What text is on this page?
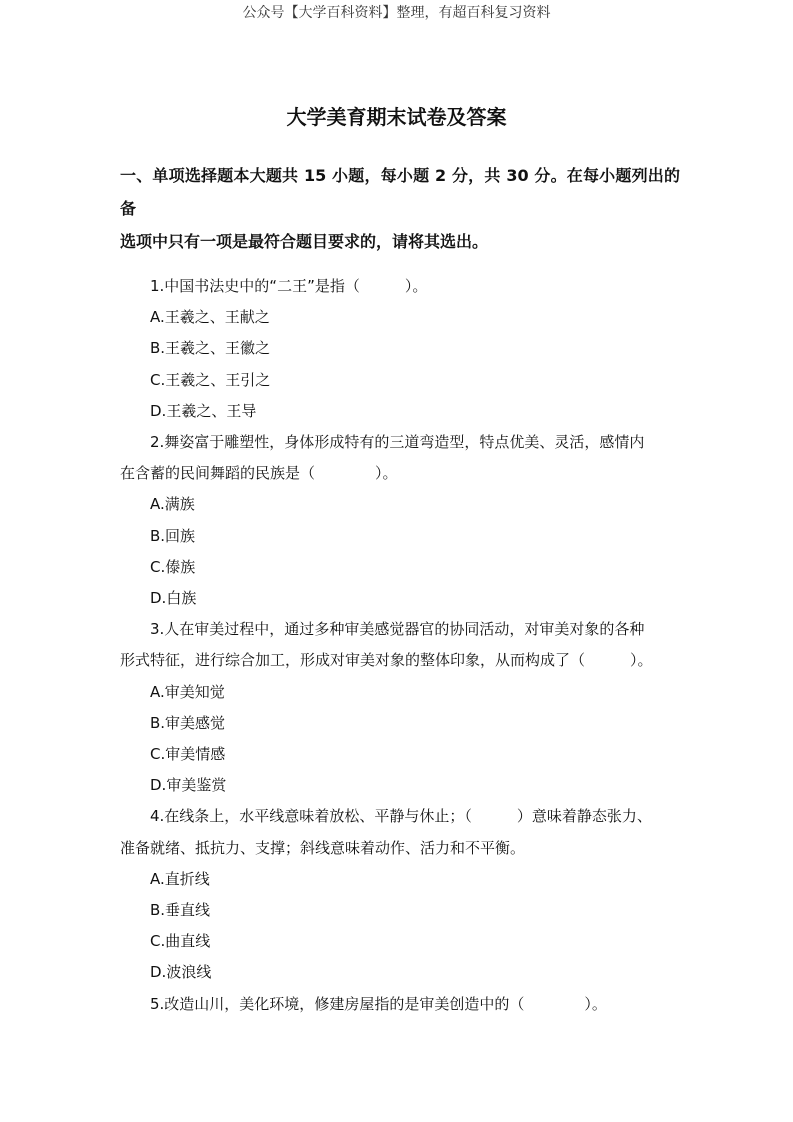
公众号【大学百科资料】整理，有超百科复习资料
大学美育期末试卷及答案
一、单项选择题本大题共 15 小题，每小题 2 分，共 30 分。在每小题列出的备
选项中只有一项是最符合题目要求的，请将其选出。
1.中国书法史中的“二王”是指（　　　）。
A.王羲之、王献之
B.王羲之、王徽之
C.王羲之、王引之
D.王羲之、王导
2.舞姿富于雕塑性，身体形成特有的三道弯造型，特点优美、灵活，感情内
在含蓄的民间舞蹈的民族是（　　　　）。
A.满族
B.回族
C.傣族
D.白族
3.人在审美过程中，通过多种审美感觉器官的协同活动，对审美对象的各种
形式特征，进行综合加工，形成对审美对象的整体印象，从而构成了（　　　）。
A.审美知觉
B.审美感觉
C.审美情感
D.审美鉴赏
4.在线条上，水平线意味着放松、平静与休止；（　　　）意味着静态张力、
准备就绪、抵抗力、支撑；斜线意味着动作、活力和不平衡。
A.直折线
B.垂直线
C.曲直线
D.波浪线
5.改造山川，美化环境，修建房屋指的是审美创造中的（　　　　）。
